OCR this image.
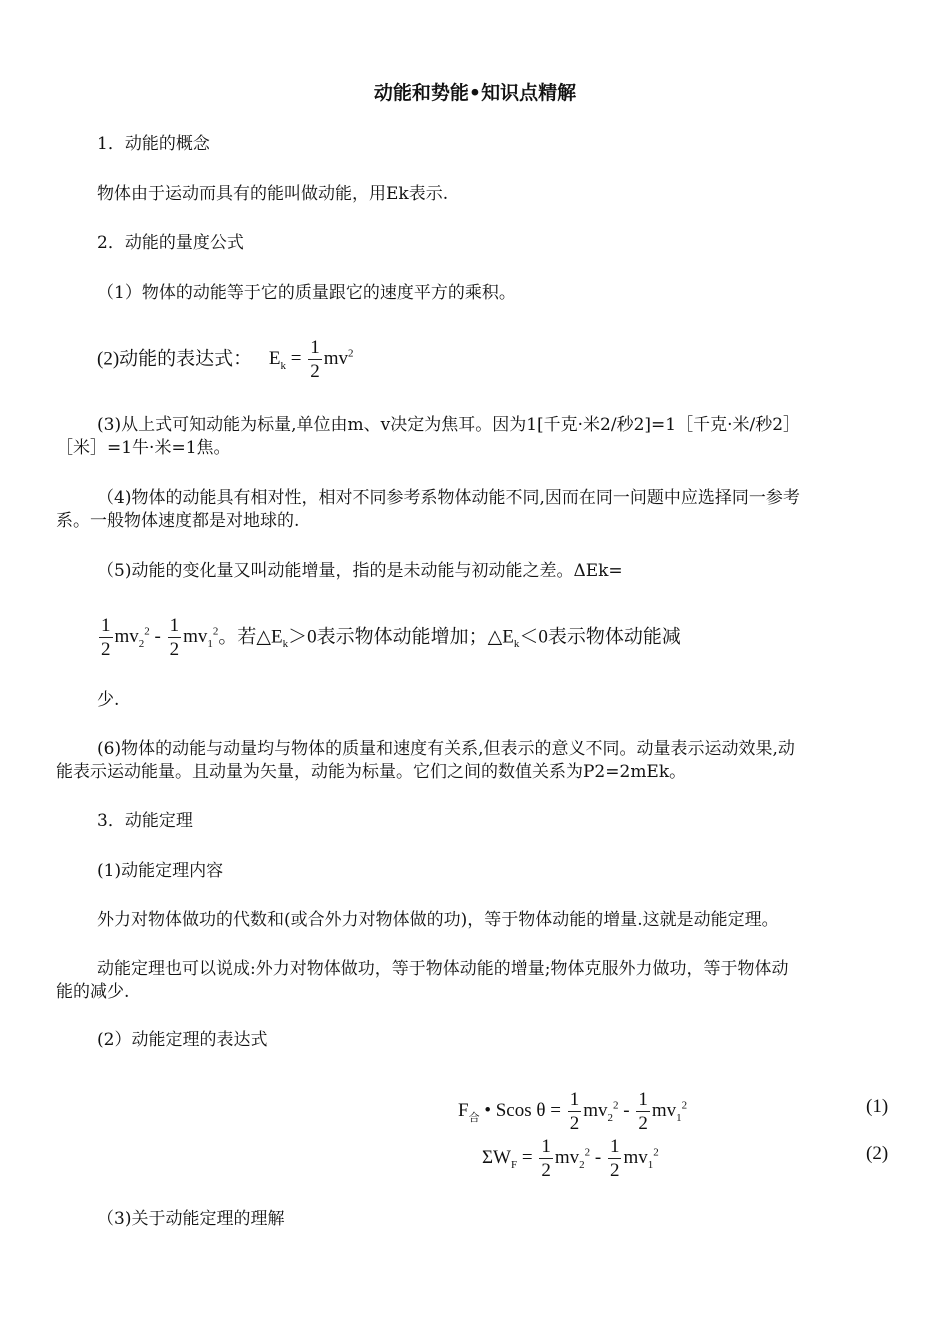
动能和势能•知识点精解
1．动能的概念
物体由于运动而具有的能叫做动能，用Ek表示.
2．动能的量度公式
（1）物体的动能等于它的质量跟它的速度平方的乘积。
(2)动能的表达式： $E_k = \frac{1}{2} mv^2$
(3)从上式可知动能为标量,单位由m、v决定为焦耳。因为1[千克·米2/秒2]=1［千克·米/秒2］
［米］=1牛·米=1焦。
（4)物体的动能具有相对性，相对不同参考系物体动能不同,因而在同一问题中应选择同一参考
系。一般物体速度都是对地球的.
（5)动能的变化量又叫动能增量，指的是未动能与初动能之差。ΔEk=
$\frac{1}{2} mv_2^2 - \frac{1}{2} mv_1^2$。若$\triangle E_k>0$表示物体动能增加；$\triangle E_k<0$表示物体动能减
少.
(6)物体的动能与动量均与物体的质量和速度有关系,但表示的意义不同。动量表示运动效果,动
能表示运动能量。且动量为矢量，动能为标量。它们之间的数值关系为P2=2mEk。
3．动能定理
(1)动能定理内容
外力对物体做功的代数和(或合外力对物体做的功)，等于物体动能的增量.这就是动能定理。
动能定理也可以说成:外力对物体做功，等于物体动能的增量;物体克服外力做功，等于物体动
能的减少.
(2）动能定理的表达式
$F_合$ • Scos $\theta = \frac{1}{2} mv_2^2 - \frac{1}{2} mv_1^2$	(1)
$\Sigma W_F = \frac{1}{2} mv_2^2 - \frac{1}{2} mv_1^2$	(2)
（3)关于动能定理的理解
